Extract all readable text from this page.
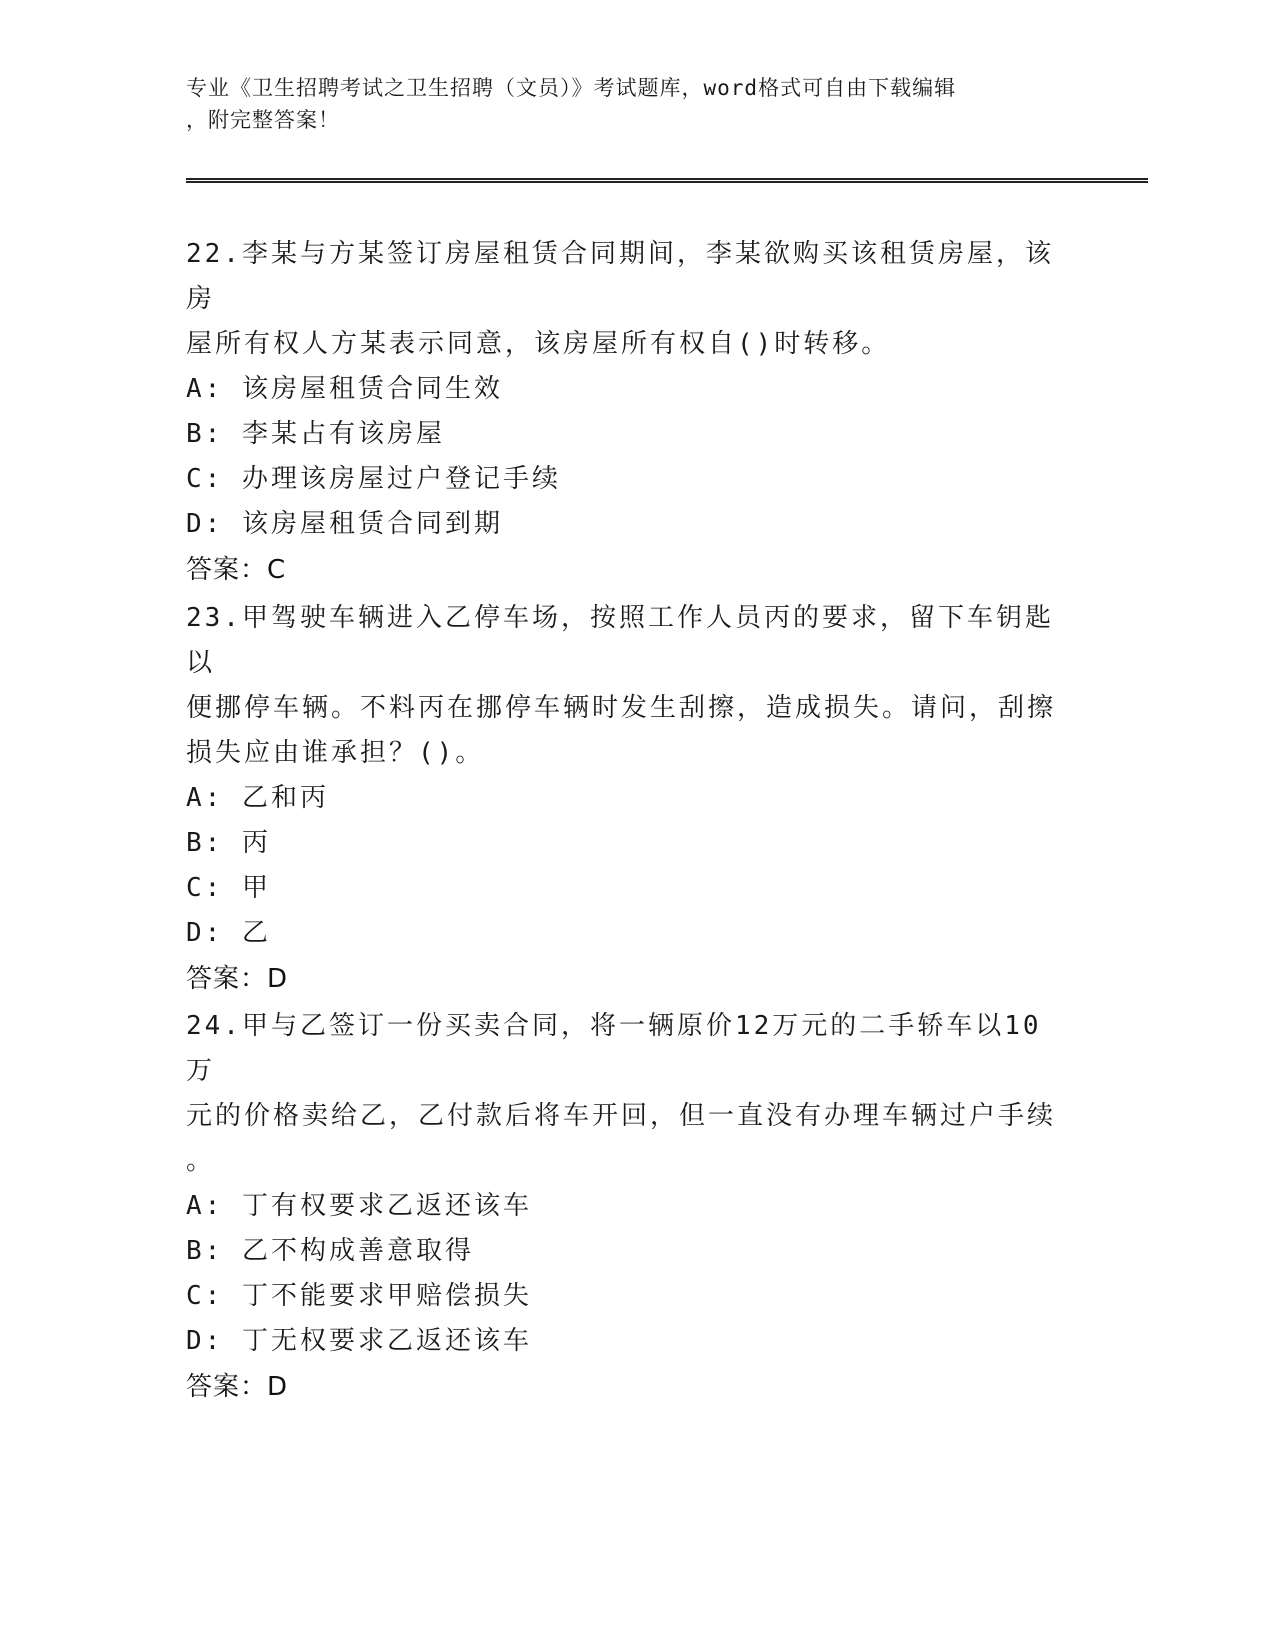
专业《卫生招聘考试之卫生招聘（文员）》考试题库，word格式可自由下载编辑
，附完整答案！

22.李某与方某签订房屋租赁合同期间，李某欲购买该租赁房屋，该房

屋所有权人方某表示同意，该房屋所有权自()时转移。

A: 该房屋租赁合同生效

B: 李某占有该房屋

C: 办理该房屋过户登记手续

D: 该房屋租赁合同到期

答案：C

23.甲驾驶车辆进入乙停车场，按照工作人员丙的要求，留下车钥匙以

便挪停车辆。不料丙在挪停车辆时发生刮擦，造成损失。请问，刮擦

损失应由谁承担？()。

A: 乙和丙

B: 丙

C: 甲

D: 乙

答案：D

24.甲与乙签订一份买卖合同，将一辆原价12万元的二手轿车以10万

元的价格卖给乙，乙付款后将车开回，但一直没有办理车辆过户手续

。

A: 丁有权要求乙返还该车

B: 乙不构成善意取得

C: 丁不能要求甲赔偿损失

D: 丁无权要求乙返还该车

答案：D
